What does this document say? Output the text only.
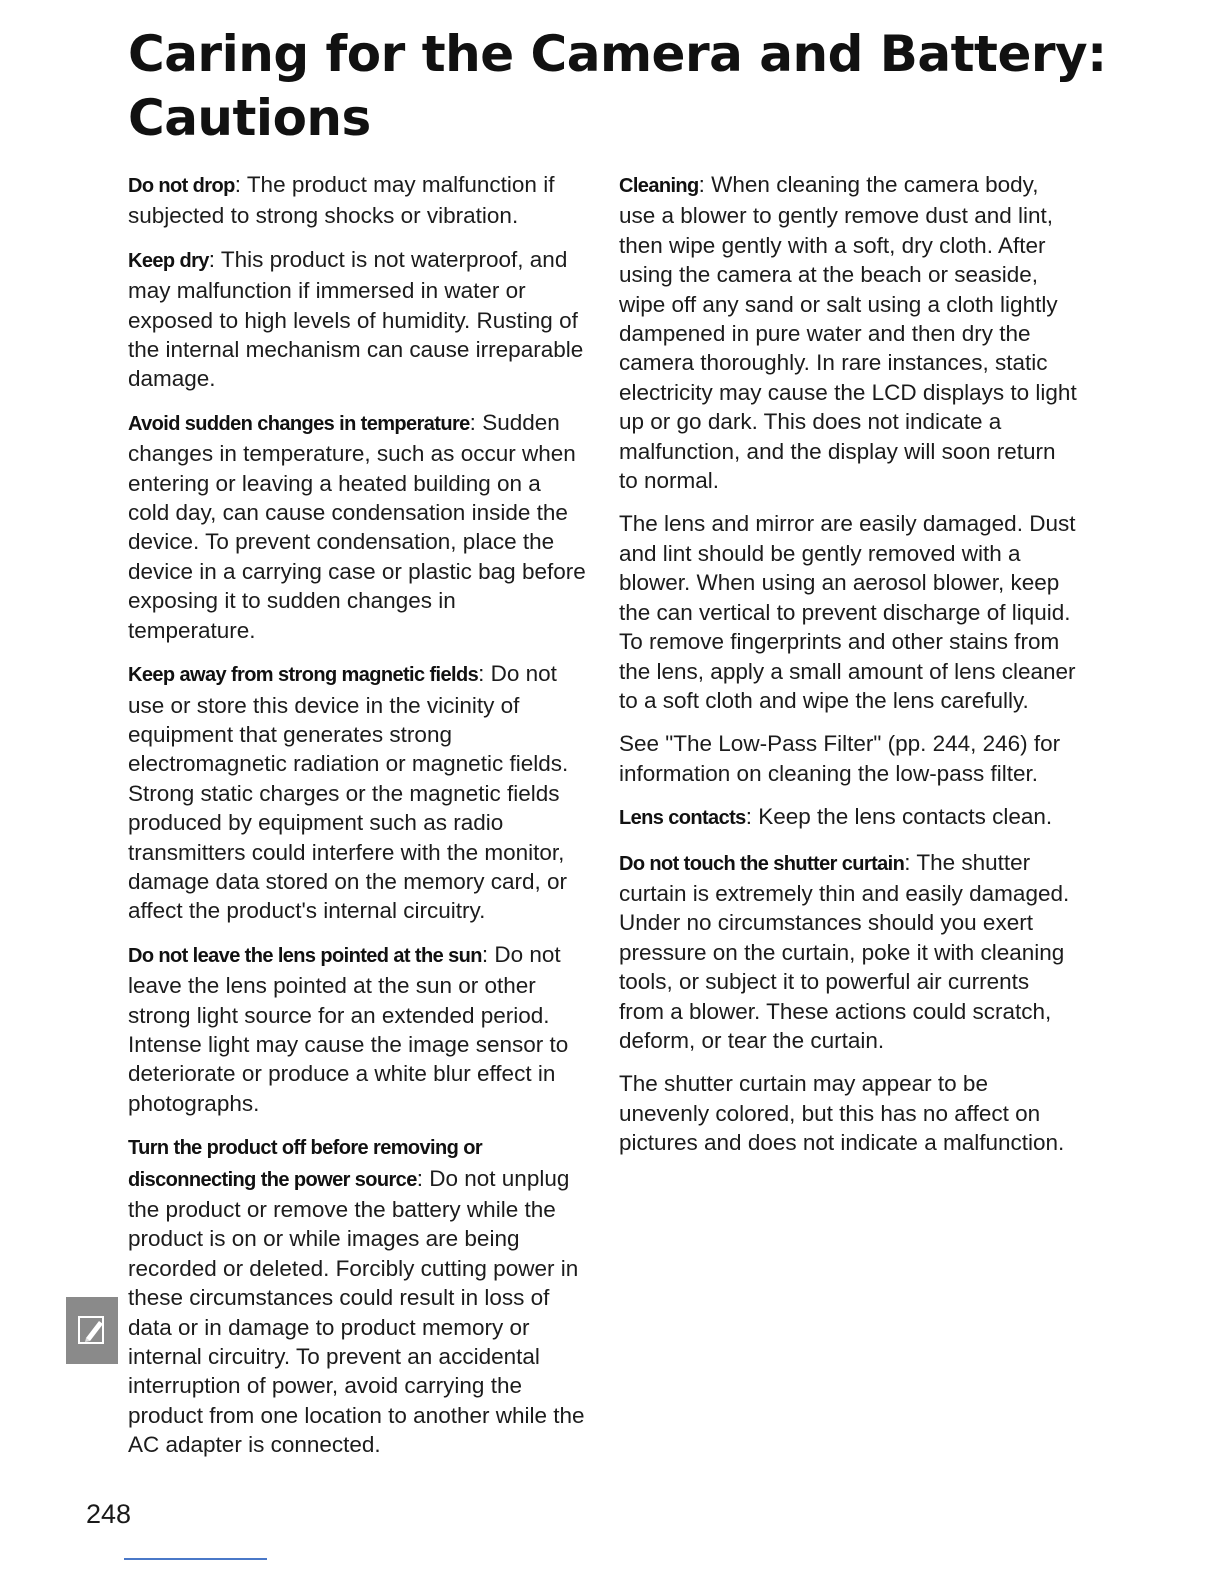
Caring for the Camera and Battery: Cautions

Do not drop: The product may malfunction if subjected to strong shocks or vibration.

Keep dry: This product is not waterproof, and may malfunction if immersed in water or exposed to high levels of humidity. Rusting of the internal mechanism can cause irreparable damage.

Avoid sudden changes in temperature: Sudden changes in temperature, such as occur when entering or leaving a heated building on a cold day, can cause condensation inside the device. To prevent condensation, place the device in a carrying case or plastic bag before exposing it to sudden changes in temperature.

Keep away from strong magnetic fields: Do not use or store this device in the vicinity of equipment that generates strong electromagnetic radiation or magnetic fields. Strong static charges or the magnetic fields produced by equipment such as radio transmitters could interfere with the monitor, damage data stored on the memory card, or affect the product's internal circuitry.

Do not leave the lens pointed at the sun: Do not leave the lens pointed at the sun or other strong light source for an extended period. Intense light may cause the image sensor to deteriorate or produce a white blur effect in photographs.

Turn the product off before removing or disconnecting the power source: Do not unplug the product or remove the battery while the product is on or while images are being recorded or deleted. Forcibly cutting power in these circumstances could result in loss of data or in damage to product memory or internal circuitry. To prevent an accidental interruption of power, avoid carrying the product from one location to another while the AC adapter is connected.

Cleaning: When cleaning the camera body, use a blower to gently remove dust and lint, then wipe gently with a soft, dry cloth. After using the camera at the beach or seaside, wipe off any sand or salt using a cloth lightly dampened in pure water and then dry the camera thoroughly. In rare instances, static electricity may cause the LCD displays to light up or go dark. This does not indicate a malfunction, and the display will soon return to normal.

The lens and mirror are easily damaged. Dust and lint should be gently removed with a blower. When using an aerosol blower, keep the can vertical to prevent discharge of liquid. To remove fingerprints and other stains from the lens, apply a small amount of lens cleaner to a soft cloth and wipe the lens carefully.

See "The Low-Pass Filter" (pp. 244, 246) for information on cleaning the low-pass filter.

Lens contacts: Keep the lens contacts clean.

Do not touch the shutter curtain: The shutter curtain is extremely thin and easily damaged. Under no circumstances should you exert pressure on the curtain, poke it with cleaning tools, or subject it to powerful air currents from a blower. These actions could scratch, deform, or tear the curtain.

The shutter curtain may appear to be unevenly colored, but this has no affect on pictures and does not indicate a malfunction.

248
